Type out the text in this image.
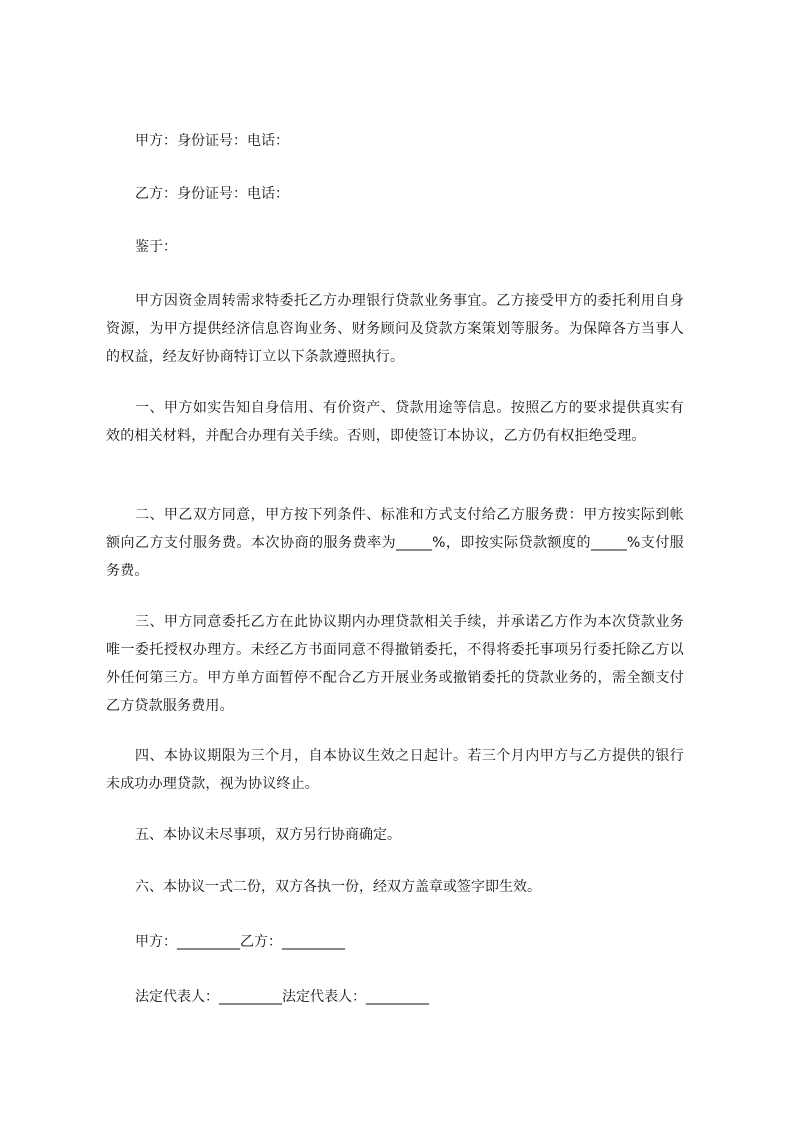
甲方：身份证号：电话：
乙方：身份证号：电话：
鉴于：
甲方因资金周转需求特委托乙方办理银行贷款业务事宜。乙方接受甲方的委托利用自身资源，为甲方提供经济信息咨询业务、财务顾问及贷款方案策划等服务。为保障各方当事人的权益，经友好协商特订立以下条款遵照执行。
一、甲方如实告知自身信用、有价资产、贷款用途等信息。按照乙方的要求提供真实有效的相关材料，并配合办理有关手续。否则，即使签订本协议，乙方仍有权拒绝受理。
二、甲乙双方同意，甲方按下列条件、标准和方式支付给乙方服务费：甲方按实际到帐额向乙方支付服务费。本次协商的服务费率为_____%，即按实际贷款额度的_____%支付服务费。
三、甲方同意委托乙方在此协议期内办理贷款相关手续，并承诺乙方作为本次贷款业务唯一委托授权办理方。未经乙方书面同意不得撤销委托，不得将委托事项另行委托除乙方以外任何第三方。甲方单方面暂停不配合乙方开展业务或撤销委托的贷款业务的，需全额支付乙方贷款服务费用。
四、本协议期限为三个月，自本协议生效之日起计。若三个月内甲方与乙方提供的银行未成功办理贷款，视为协议终止。
五、本协议未尽事项，双方另行协商确定。
六、本协议一式二份，双方各执一份，经双方盖章或签字即生效。
甲方：_________乙方：_________
法定代表人：_________法定代表人：_________
